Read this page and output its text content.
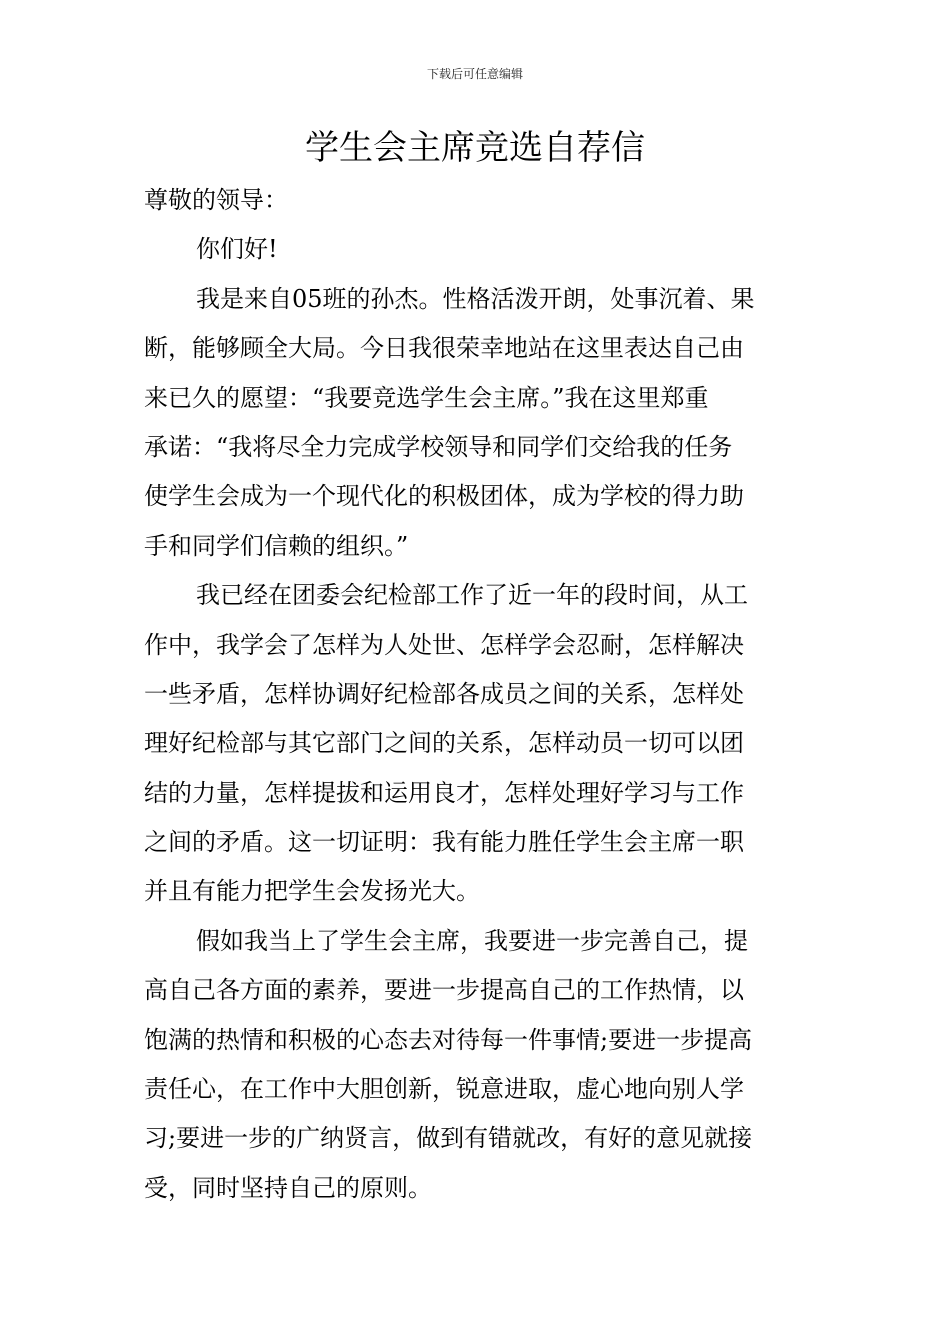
下载后可任意编辑
学生会主席竞选自荐信
尊敬的领导：
你们好!
我是来自05班的孙杰。性格活泼开朗，处事沉着、果
断，能够顾全大局。今日我很荣幸地站在这里表达自己由
来已久的愿望：“我要竞选学生会主席。”我在这里郑重
承诺：“我将尽全力完成学校领导和同学们交给我的任务
使学生会成为一个现代化的积极团体，成为学校的得力助
手和同学们信赖的组织。”
我已经在团委会纪检部工作了近一年的段时间，从工
作中，我学会了怎样为人处世、怎样学会忍耐，怎样解决
一些矛盾，怎样协调好纪检部各成员之间的关系，怎样处
理好纪检部与其它部门之间的关系，怎样动员一切可以团
结的力量，怎样提拔和运用良才，怎样处理好学习与工作
之间的矛盾。这一切证明：我有能力胜任学生会主席一职
并且有能力把学生会发扬光大。
假如我当上了学生会主席，我要进一步完善自己，提
高自己各方面的素养，要进一步提高自己的工作热情，以
饱满的热情和积极的心态去对待每一件事情;要进一步提高
责任心，在工作中大胆创新，锐意进取，虚心地向别人学
习;要进一步的广纳贤言，做到有错就改，有好的意见就接
受，同时坚持自己的原则。
